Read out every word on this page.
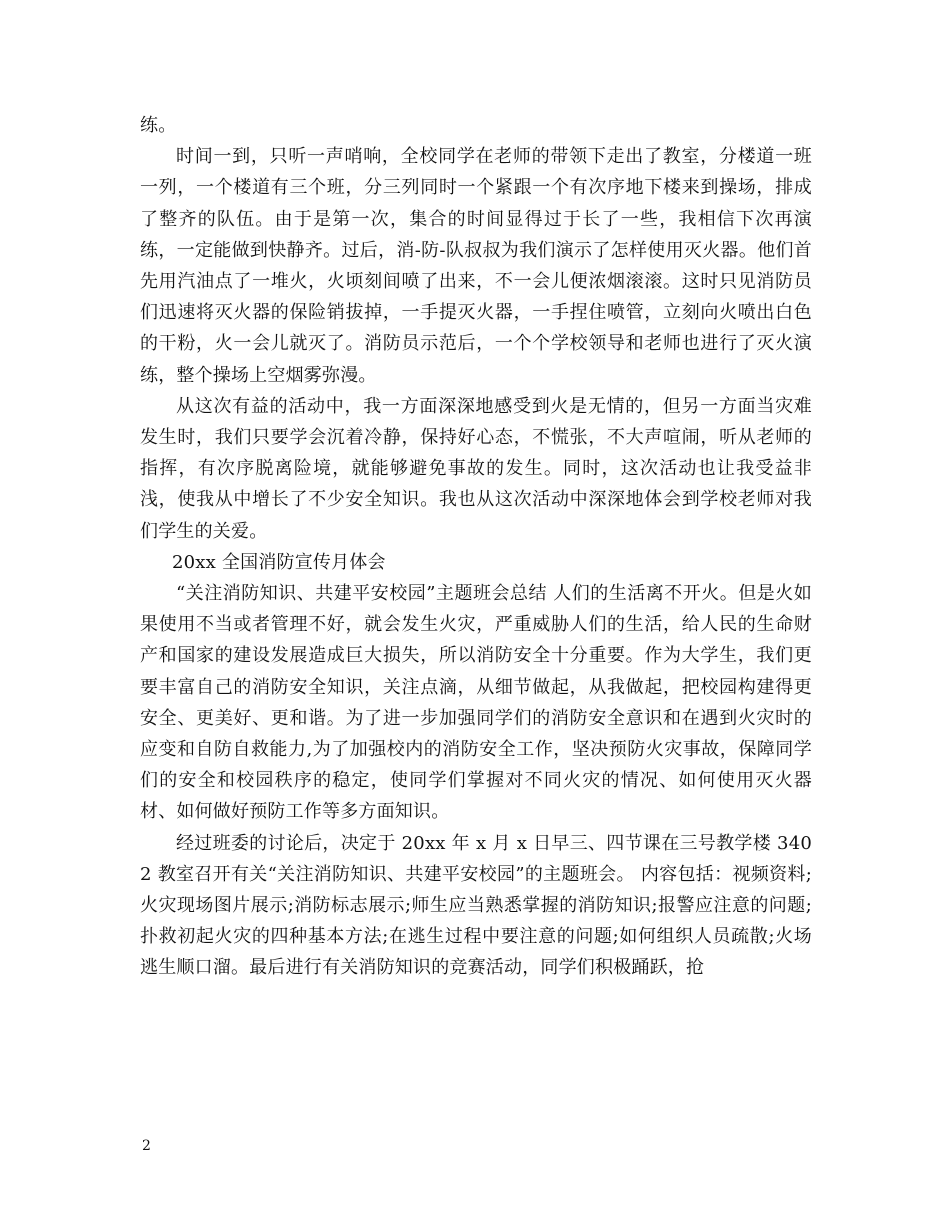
练。

时间一到，只听一声哨响，全校同学在老师的带领下走出了教室，分楼道一班一列，一个楼道有三个班，分三列同时一个紧跟一个有次序地下楼来到操场，排成了整齐的队伍。由于是第一次，集合的时间显得过于长了一些，我相信下次再演练，一定能做到快静齐。过后，消-防-队叔叔为我们演示了怎样使用灭火器。他们首先用汽油点了一堆火，火顷刻间喷了出来，不一会儿便浓烟滚滚。这时只见消防员们迅速将灭火器的保险销拔掉，一手提灭火器，一手捏住喷管，立刻向火喷出白色的干粉，火一会儿就灭了。消防员示范后，一个个学校领导和老师也进行了灭火演练，整个操场上空烟雾弥漫。

从这次有益的活动中，我一方面深深地感受到火是无情的，但另一方面当灾难发生时，我们只要学会沉着冷静，保持好心态，不慌张，不大声喧闹，听从老师的指挥，有次序脱离险境，就能够避免事故的发生。同时，这次活动也让我受益非浅，使我从中增长了不少安全知识。我也从这次活动中深深地体会到学校老师对我们学生的关爱。

20xx 全国消防宣传月体会

“关注消防知识、共建平安校园”主题班会总结 人们的生活离不开火。但是火如果使用不当或者管理不好，就会发生火灾，严重威胁人们的生活，给人民的生命财产和国家的建设发展造成巨大损失，所以消防安全十分重要。作为大学生，我们更要丰富自己的消防安全知识，关注点滴，从细节做起，从我做起，把校园构建得更安全、更美好、更和谐。为了进一步加强同学们的消防安全意识和在遇到火灾时的应变和自防自救能力,为了加强校内的消防安全工作，坚决预防火灾事故，保障同学们的安全和校园秩序的稳定，使同学们掌握对不同火灾的情况、如何使用灭火器材、如何做好预防工作等多方面知识。

经过班委的讨论后，决定于 20xx 年 x 月 x 日早三、四节课在三号教学楼 3402 教室召开有关“关注消防知识、共建平安校园”的主题班会。 内容包括：视频资料;火灾现场图片展示;消防标志展示;师生应当熟悉掌握的消防知识;报警应注意的问题;扑救初起火灾的四种基本方法;在逃生过程中要注意的问题;如何组织人员疏散;火场逃生顺口溜。最后进行有关消防知识的竞赛活动，同学们积极踊跃，抢

2
